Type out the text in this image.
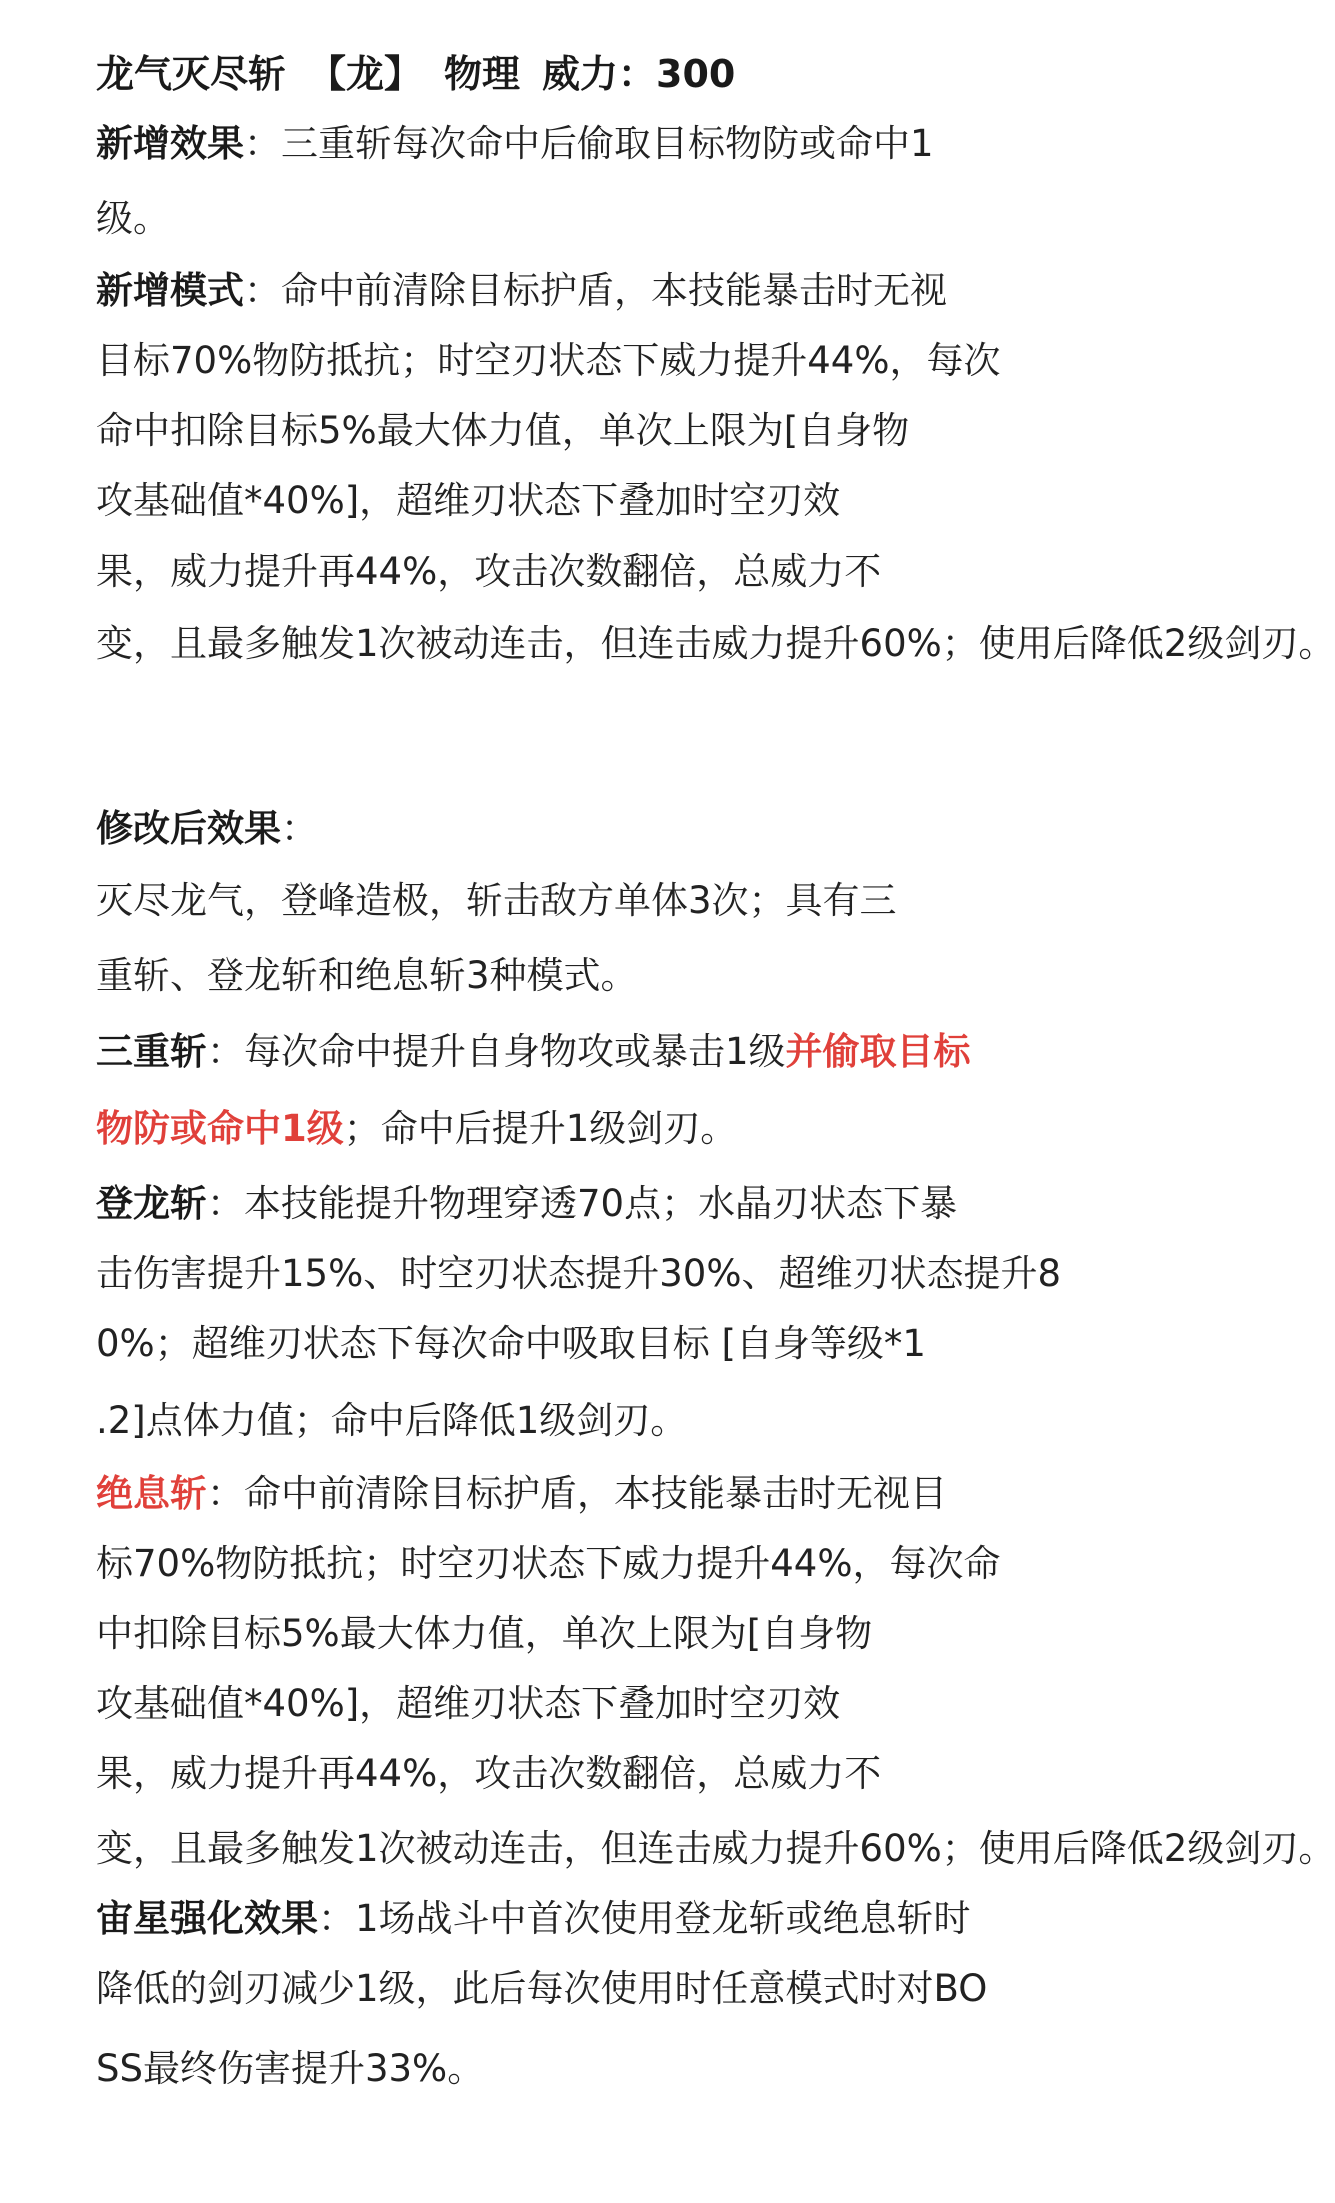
龙气灭尽斩 【龙】 物理 威力：300
新增效果：三重斩每次命中后偷取目标物防或命中1
级。
新增模式：命中前清除目标护盾，本技能暴击时无视
目标70%物防抵抗；时空刃状态下威力提升44%，每次
命中扣除目标5%最大体力值，单次上限为[自身物
攻基础值*40%]，超维刃状态下叠加时空刃效
果，威力提升再44%，攻击次数翻倍，总威力不
变，且最多触发1次被动连击，但连击威力提升60%；使用后降低2级剑刃。
修改后效果：
灭尽龙气，登峰造极，斩击敌方单体3次；具有三
重斩、登龙斩和绝息斩3种模式。
三重斩：每次命中提升自身物攻或暴击1级并偷取目标
物防或命中1级；命中后提升1级剑刃。
登龙斩：本技能提升物理穿透70点；水晶刃状态下暴
击伤害提升15%、时空刃状态提升30%、超维刃状态提升8
0%；超维刃状态下每次命中吸取目标 [自身等级*1
.2]点体力值；命中后降低1级剑刃。
绝息斩：命中前清除目标护盾，本技能暴击时无视目
标70%物防抵抗；时空刃状态下威力提升44%，每次命
中扣除目标5%最大体力值，单次上限为[自身物
攻基础值*40%]，超维刃状态下叠加时空刃效
果，威力提升再44%，攻击次数翻倍，总威力不
变，且最多触发1次被动连击，但连击威力提升60%；使用后降低2级剑刃。
宙星强化效果：1场战斗中首次使用登龙斩或绝息斩时
降低的剑刃减少1级，此后每次使用时任意模式时对BO
SS最终伤害提升33%。
